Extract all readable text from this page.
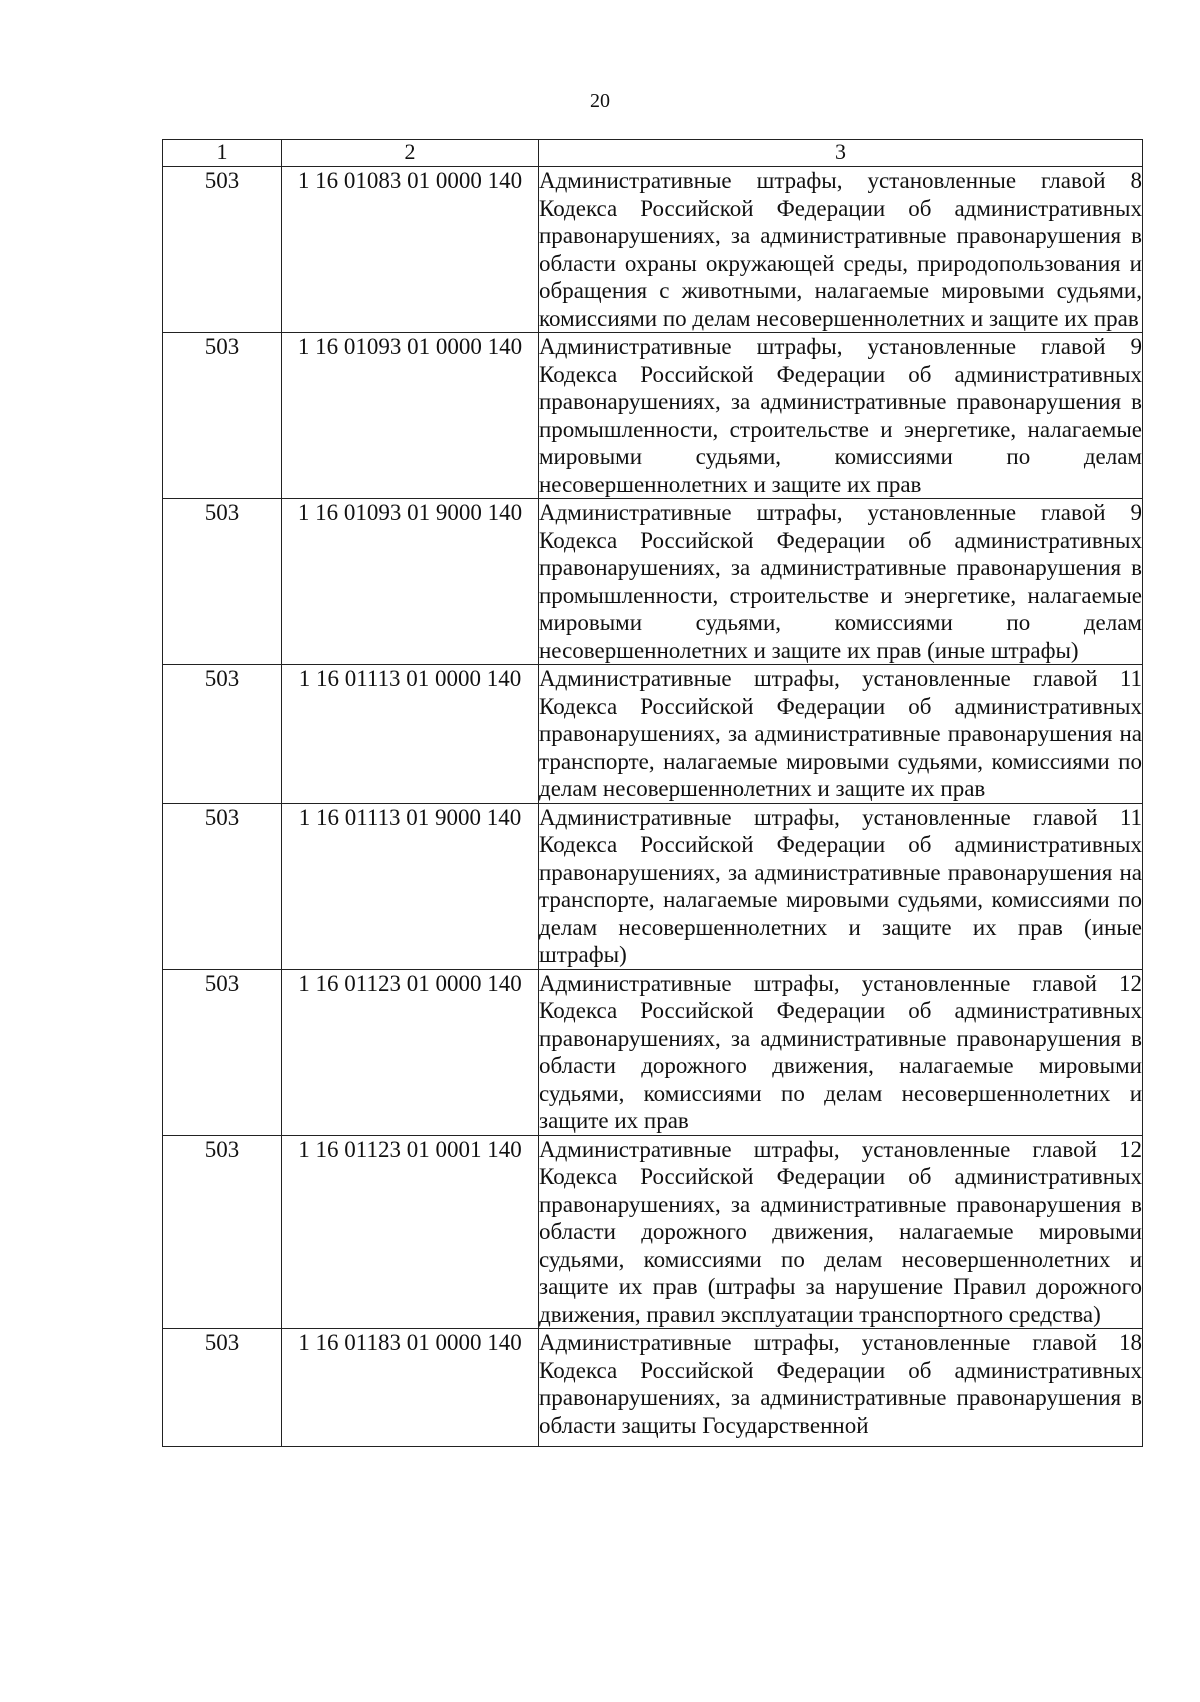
20
1	2	3
503	1 16 01083 01 0000 140	Административные штрафы, установленные главой 8 Кодекса Российской Федерации об административных правонарушениях, за административные правонарушения в области охраны окружающей среды, природопользования и обращения с животными, налагаемые мировыми судьями, комиссиями по делам несовершеннолетних и защите их прав
503	1 16 01093 01 0000 140	Административные штрафы, установленные главой 9 Кодекса Российской Федерации об административных правонарушениях, за административные правонарушения в промышленности, строительстве и энергетике, налагаемые мировыми судьями, комиссиями по делам несовершеннолетних и защите их прав
503	1 16 01093 01 9000 140	Административные штрафы, установленные главой 9 Кодекса Российской Федерации об административных правонарушениях, за административные правонарушения в промышленности, строительстве и энергетике, налагаемые мировыми судьями, комиссиями по делам несовершеннолетних и защите их прав (иные штрафы)
503	1 16 01113 01 0000 140	Административные штрафы, установленные главой 11 Кодекса Российской Федерации об административных правонарушениях, за административные правонарушения на транспорте, налагаемые мировыми судьями, комиссиями по делам несовершеннолетних и защите их прав
503	1 16 01113 01 9000 140	Административные штрафы, установленные главой 11 Кодекса Российской Федерации об административных правонарушениях, за административные правонарушения на транспорте, налагаемые мировыми судьями, комиссиями по делам несовершеннолетних и защите их прав (иные штрафы)
503	1 16 01123 01 0000 140	Административные штрафы, установленные главой 12 Кодекса Российской Федерации об административных правонарушениях, за административные правонарушения в области дорожного движения, налагаемые мировыми судьями, комиссиями по делам несовершеннолетних и защите их прав
503	1 16 01123 01 0001 140	Административные штрафы, установленные главой 12 Кодекса Российской Федерации об административных правонарушениях, за административные правонарушения в области дорожного движения, налагаемые мировыми судьями, комиссиями по делам несовершеннолетних и защите их прав (штрафы за нарушение Правил дорожного движения, правил эксплуатации транспортного средства)
503	1 16 01183 01 0000 140	Административные штрафы, установленные главой 18 Кодекса Российской Федерации об административных правонарушениях, за административные правонарушения в области защиты Государственной
